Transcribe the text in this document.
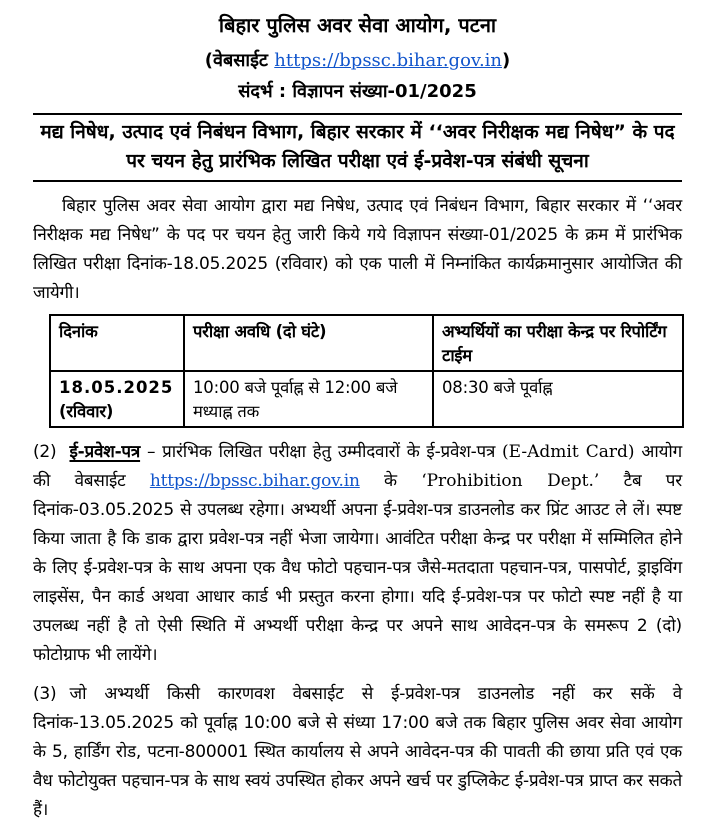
बिहार पुलिस अवर सेवा आयोग, पटना
(वेबसाईट https://bpssc.bihar.gov.in)
संदर्भ : विज्ञापन संख्या-01/2025
मद्य निषेध, उत्पाद एवं निबंधन विभाग, बिहार सरकार में ‘‘अवर निरीक्षक मद्य निषेध” के पद पर चयन हेतु प्रारंभिक लिखित परीक्षा एवं ई-प्रवेश-पत्र संबंधी सूचना

बिहार पुलिस अवर सेवा आयोग द्वारा मद्य निषेध, उत्पाद एवं निबंधन विभाग, बिहार सरकार में ‘‘अवर निरीक्षक मद्य निषेध” के पद पर चयन हेतु जारी किये गये विज्ञापन संख्या-01/2025 के क्रम में प्रारंभिक लिखित परीक्षा दिनांक-18.05.2025 (रविवार) को एक पाली में निम्नांकित कार्यक्रमानुसार आयोजित की जायेगी।

दिनांक	परीक्षा अवधि (दो घंटे)	अभ्यर्थियों का परीक्षा केन्द्र पर रिपोर्टिंग टाईम

18.05.2025
(रविवार)	10:00 बजे पूर्वाह्न से 12:00 बजे मध्याह्न तक	08:30 बजे पूर्वाह्न

(2) ई-प्रवेश-पत्र – प्रारंभिक लिखित परीक्षा हेतु उम्मीदवारों के ई-प्रवेश-पत्र (E-Admit Card) आयोग की वेबसाईट https://bpssc.bihar.gov.in के ‘Prohibition Dept.’ टैब पर दिनांक-03.05.2025 से उपलब्ध रहेगा। अभ्यर्थी अपना ई-प्रवेश-पत्र डाउनलोड कर प्रिंट आउट ले लें। स्पष्ट किया जाता है कि डाक द्वारा प्रवेश-पत्र नहीं भेजा जायेगा। आवंटित परीक्षा केन्द्र पर परीक्षा में सम्मिलित होने के लिए ई-प्रवेश-पत्र के साथ अपना एक वैध फोटो पहचान-पत्र जैसे-मतदाता पहचान-पत्र, पासपोर्ट, ड्राइविंग लाइसेंस, पैन कार्ड अथवा आधार कार्ड भी प्रस्तुत करना होगा। यदि ई-प्रवेश-पत्र पर फोटो स्पष्ट नहीं है या उपलब्ध नहीं है तो ऐसी स्थिति में अभ्यर्थी परीक्षा केन्द्र पर अपने साथ आवेदन-पत्र के समरूप 2 (दो) फोटोग्राफ भी लायेंगे।

(3) जो अभ्यर्थी किसी कारणवश वेबसाईट से ई-प्रवेश-पत्र डाउनलोड नहीं कर सकें वे दिनांक-13.05.2025 को पूर्वाह्न 10:00 बजे से संध्या 17:00 बजे तक बिहार पुलिस अवर सेवा आयोग के 5, हार्डिंग रोड, पटना-800001 स्थित कार्यालय से अपने आवेदन-पत्र की पावती की छाया प्रति एवं एक वैध फोटोयुक्त पहचान-पत्र के साथ स्वयं उपस्थित होकर अपने खर्च पर डुप्लिकेट ई-प्रवेश-पत्र प्राप्त कर सकते हैं।
